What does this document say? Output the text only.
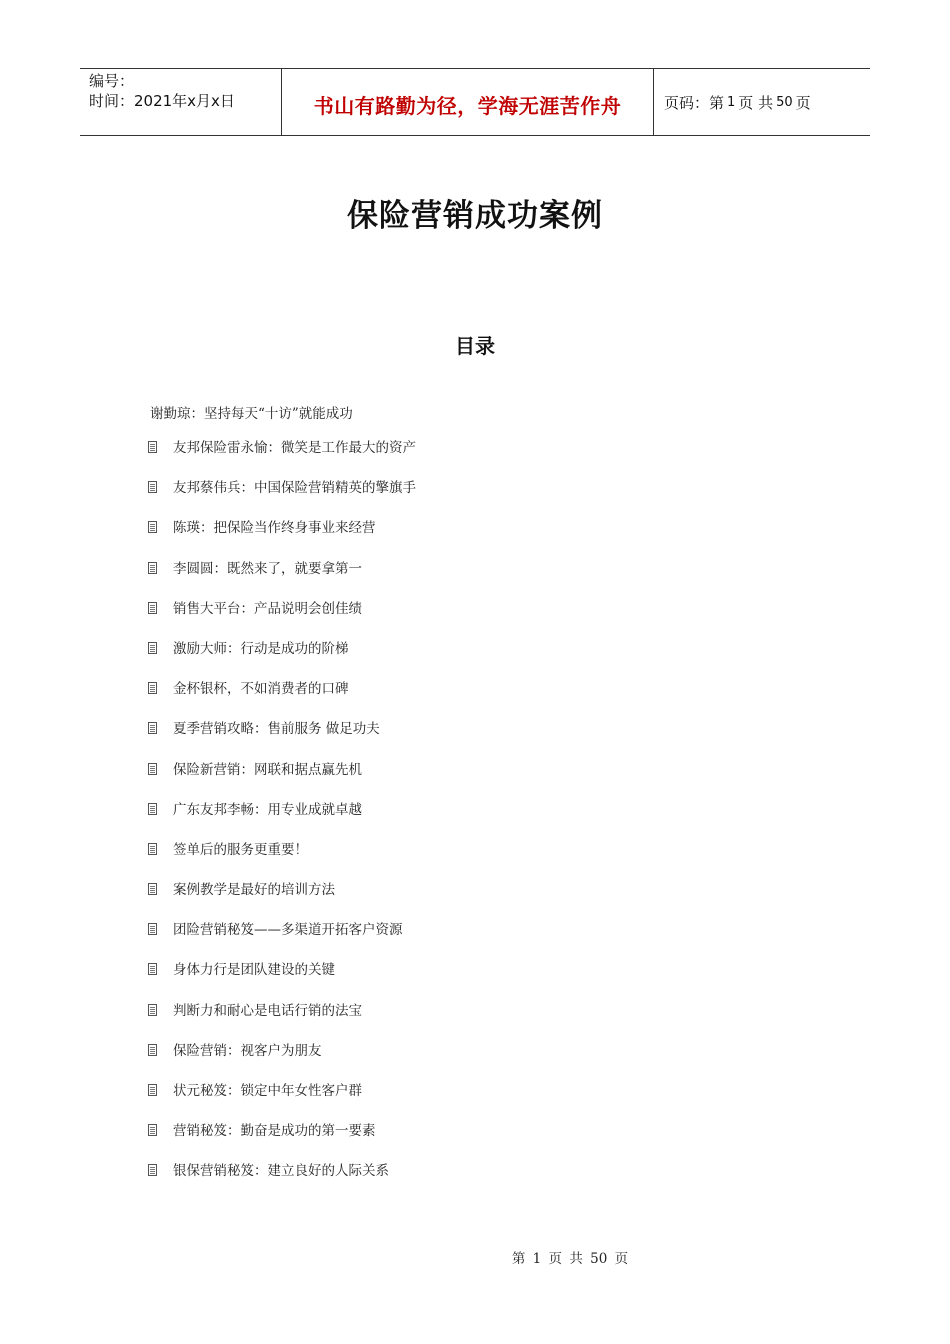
编号：
时间：2021年x月x日	书山有路勤为径，学海无涯苦作舟	页码：第 1 页 共 50 页
保险营销成功案例
目录
谢勤琼：坚持每天“十访”就能成功
友邦保险雷永愉：微笑是工作最大的资产
友邦蔡伟兵：中国保险营销精英的擎旗手
陈瑛：把保险当作终身事业来经营
李圆圆：既然来了，就要拿第一
销售大平台：产品说明会创佳绩
激励大师：行动是成功的阶梯
金杯银杯，不如消费者的口碑
夏季营销攻略：售前服务 做足功夫
保险新营销：网联和据点赢先机
广东友邦李畅：用专业成就卓越
签单后的服务更重要！
案例教学是最好的培训方法
团险营销秘笈——多渠道开拓客户资源
身体力行是团队建设的关键
判断力和耐心是电话行销的法宝
保险营销：视客户为朋友
状元秘笈：锁定中年女性客户群
营销秘笈：勤奋是成功的第一要素
银保营销秘笈：建立良好的人际关系
第 1 页 共 50 页
